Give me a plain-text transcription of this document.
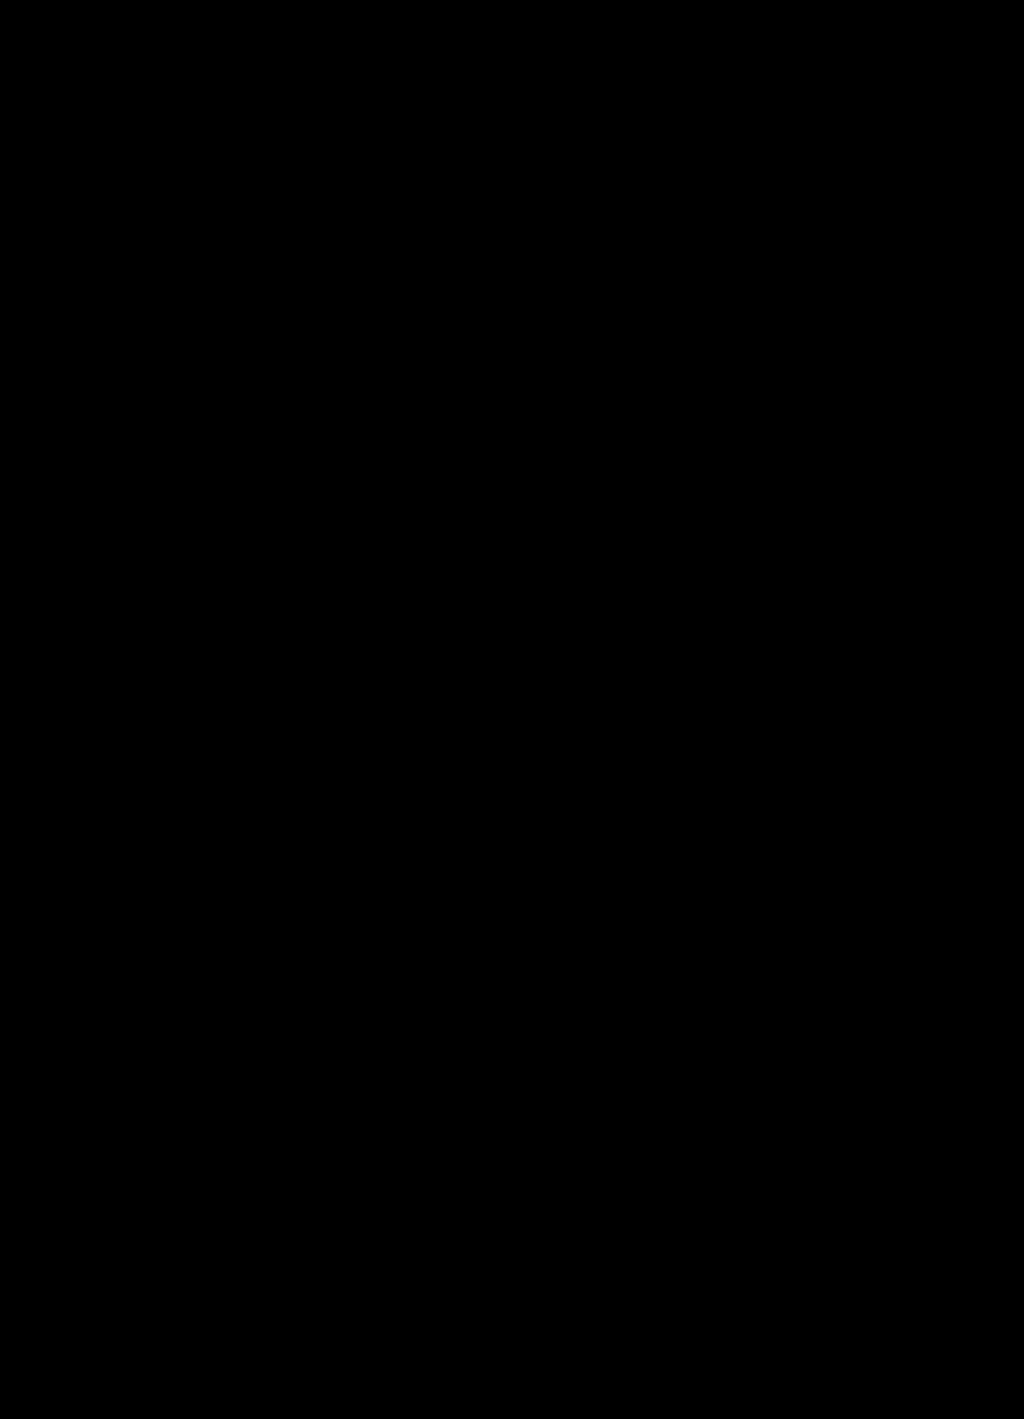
II. Je-li C konečná, soudíme z I indukcí, že prostor R je souvislý. V případě nekonečné C vedeme důkaz nepřímo. Jestliže R není souvislý, jest R = A ∪ B, kde A ≠ ∅ ≠ B a množiny A, B jsou oddělené. Zvolme a ∈ A, b ∈ B. Z 5.1.6 plyne, že množina B ⊂ P je otevřená, takže B je okolí bodu b podle 4.4.13. Tudíž existuje taková konečná část K ≠ ∅ množiny C, že 𝔓ₖU(z) ⊂ B, kde pro z ∈ K je U(z) vhodně volené okolí bodu b(z) ∈ P(z) a pro z ∈ C − K je U(z) = P(z). Budiž c ten bod prostoru R, pro který

z ∈ K ⇒ c(z) = b(z) , z ∈ C − K ⇒ c(z) = a(z) .

Podle 4.2.3 je c ∈ B. Budiž Q množina těch x ∈ R, pro něž platí

z ∈ C − K ⇒ x(z) = a(z) ;

dále budiž T = 𝔓P(t) (t ∈ K). Protože množina K ≠ ∅ je konečná, je T souvislý prostor. Zřejmě existuje takové prosté zobrazení f prostoru T na množinu Q, že pro x ∈ T, t ∈ K splyne t-souřadnice bodu x s t-souřadnicí bodu f(x). Snadno se zjistí, že zobrazení f je homeomorfní, takže množina Q = f¹(T) je souvislá. Jest Q ⊂ R = A ∪ B s oddělenými A, B. Podle 10.1.3 je tedy buďto Q ∩ A = ∅ nebo Q ∩ B = ∅. To je nemožné, neboť a ∈ Q ∩ A, c ∈ Q ∩ B.

10.1.22. Budiž f inversně spojité zobrazení prostoru P na prostor P₁. Pro každý y ∈ P₁ budiž f⁻¹(y) souvislá množina. Je-li S₁ ⊂ P₁ souvislá, je také S = f⁻¹(S₁) souvislá. Zřejmě S ≠ ∅. Kdyby S nebyla souvislá, existovaly by v P takové oddělené množiny A, B, že A ≠ ∅ ≠ B, A ∪ B = S. Budiž A₁ = f¹(A), B₁ = = f¹(B), takže A₁ ≠ ∅ ≠ B₁, A₁ ∪ B₁ = S₁. Zřejmě A ⊂ f⁻¹(A₁). Je-li však x ∈ f⁻¹(A₁), y = f(x), jest y ∈ f¹(A), tedy f⁻¹(y) ∩ A ≠ ∅. Jest y ∈ f¹(S) = S₁, tedy f⁻¹(y) ⊂ f⁻¹(S₁) = S = A ∪ B. Protože f⁻¹(y) ⊂ ⊂ A ∪ B, protože A, B jsou oddělené a protože f⁻¹(y) ∩ A ≠ ∅, plyne z 10.1.3, že f⁻¹(y) ⊂ A. Protože y = f(x), jest x ∈ A. Tím je dokázáno, že A = f⁻¹(A₁), a stejně se dokáže, že B = f⁻¹(B₁). Protože A, B jsou oddělené, jsou A₁, B₁ oddělené podle 7.2.7. To je nemožné, neboť S₁ = A₁ ∪ B₁ je souvislá a A₁ ≠ ∅ ≠ B₁.

10.1.23. Budiž P souvislý prostor. Budiž 𝔖 ≠ ∅ soustava otevřených množin; budiž P = ⋃ X (X ∈ 𝔖). Budiž a ∈ P, b ∈ P. Pak existuje taková konečná posloupnost {Aᵢ}₁ⁿ, že:

270
